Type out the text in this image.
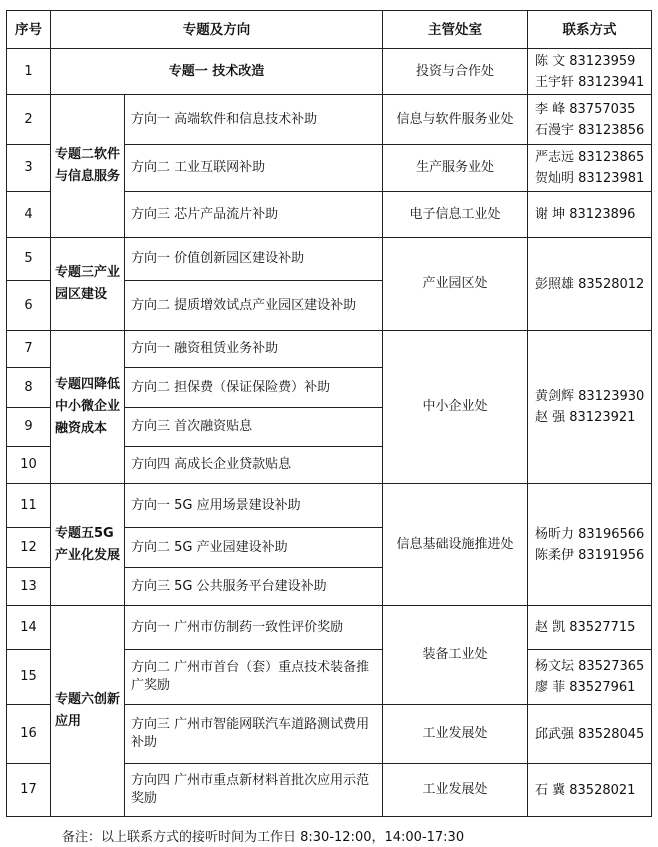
序号	专题及方向		主管处室	联系方式
1	专题一 技术改造		投资与合作处	陈 文 83123959
王宇轩 83123941

2	专题二软件与信息服务	方向一 高端软件和信息技术补助	信息与软件服务业处	李 峰 83757035
石漫宇 83123856

3		方向二 工业互联网补助	生产服务业处	严志远 83123865
贺灿明 83123981

4		方向三 芯片产品流片补助	电子信息工业处	谢 坤 83123896

5	专题三产业园区建设	方向一 价值创新园区建设补助	产业园区处	彭照雄 83528012

6		方向二 提质增效试点产业园区建设补助		
7	专题四降低中小微企业融资成本	方向一 融资租赁业务补助	中小企业处	黄剑辉 83123930
赵 强 83123921

8		方向二 担保费（保证保险费）补助		
9		方向三 首次融资贴息		
10		方向四 高成长企业贷款贴息		
11	专题五5G 产业化发展	方向一 5G 应用场景建设补助	信息基础设施推进处	杨昕力 83196566
陈柔伊 83191956

12		方向二 5G 产业园建设补助		
13		方向三 5G 公共服务平台建设补助		
14	专题六创新应用	方向一 广州市仿制药一致性评价奖励	装备工业处	赵 凯 83527715

15		方向二 广州市首台（套）重点技术装备推广奖励		杨文坛 83527365
廖 菲 83527961

16		方向三 广州市智能网联汽车道路测试费用补助	工业发展处	邱武强 83528045

17		方向四 广州市重点新材料首批次应用示范奖励	工业发展处	石 冀 83528021
备注：以上联系方式的接听时间为工作日 8:30-12:00，14:00-17:30
